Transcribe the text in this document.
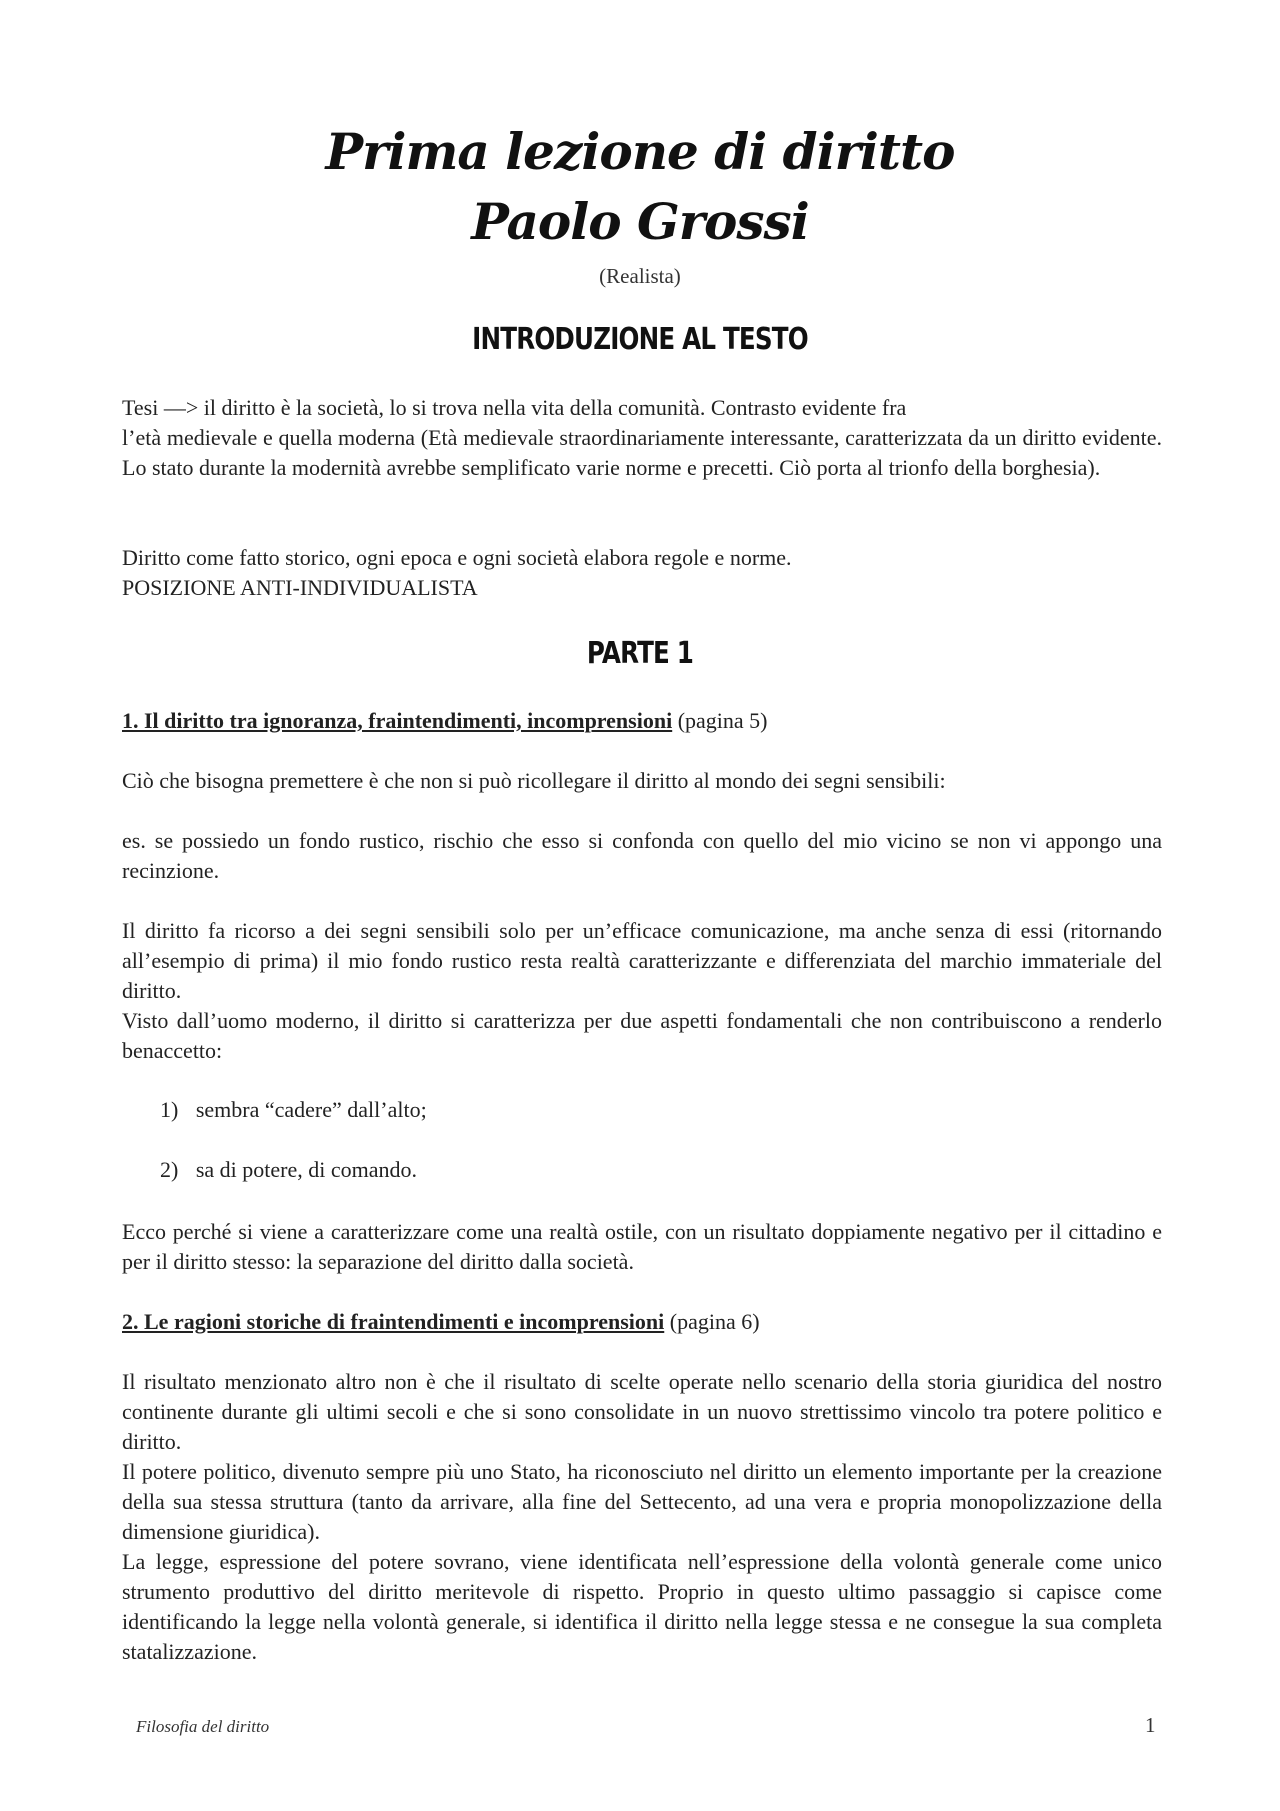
Prima lezione di diritto
Paolo Grossi
(Realista)
INTRODUZIONE AL TESTO

Tesi —> il diritto è la società, lo si trova nella vita della comunità. Contrasto evidente fra

l’età medievale e quella moderna (Età medievale straordinariamente interessante, caratterizzata da un diritto evidente. Lo stato durante la modernità avrebbe semplificato varie norme e precetti. Ciò porta al trionfo della borghesia).

Diritto come fatto storico, ogni epoca e ogni società elabora regole e norme.

POSIZIONE ANTI-INDIVIDUALISTA

PARTE 1
1. Il diritto tra ignoranza, fraintendimenti, incomprensioni (pagina 5)

Ciò che bisogna premettere è che non si può ricollegare il diritto al mondo dei segni sensibili:

es. se possiedo un fondo rustico, rischio che esso si confonda con quello del mio vicino se non vi appongo una recinzione.

Il diritto fa ricorso a dei segni sensibili solo per un’efficace comunicazione, ma anche senza di essi (ritornando all’esempio di prima) il mio fondo rustico resta realtà caratterizzante e differenziata del marchio immateriale del diritto.

Visto dall’uomo moderno, il diritto si caratterizza per due aspetti fondamentali che non contribuiscono a renderlo benaccetto:

1) sembra “cadere” dall’alto;
2) sa di potere, di comando.

Ecco perché si viene a caratterizzare come una realtà ostile, con un risultato doppiamente negativo per il cittadino e per il diritto stesso: la separazione del diritto dalla società.

2. Le ragioni storiche di fraintendimenti e incomprensioni (pagina 6)

Il risultato menzionato altro non è che il risultato di scelte operate nello scenario della storia giuridica del nostro continente durante gli ultimi secoli e che si sono consolidate in un nuovo strettissimo vincolo tra potere politico e diritto.

Il potere politico, divenuto sempre più uno Stato, ha riconosciuto nel diritto un elemento importante per la creazione della sua stessa struttura (tanto da arrivare, alla fine del Settecento, ad una vera e propria monopolizzazione della dimensione giuridica).

La legge, espressione del potere sovrano, viene identificata nell’espressione della volontà generale come unico strumento produttivo del diritto meritevole di rispetto. Proprio in questo ultimo passaggio si capisce come identificando la legge nella volontà generale, si identifica il diritto nella legge stessa e ne consegue la sua completa statalizzazione.

Filosofia del diritto	1
